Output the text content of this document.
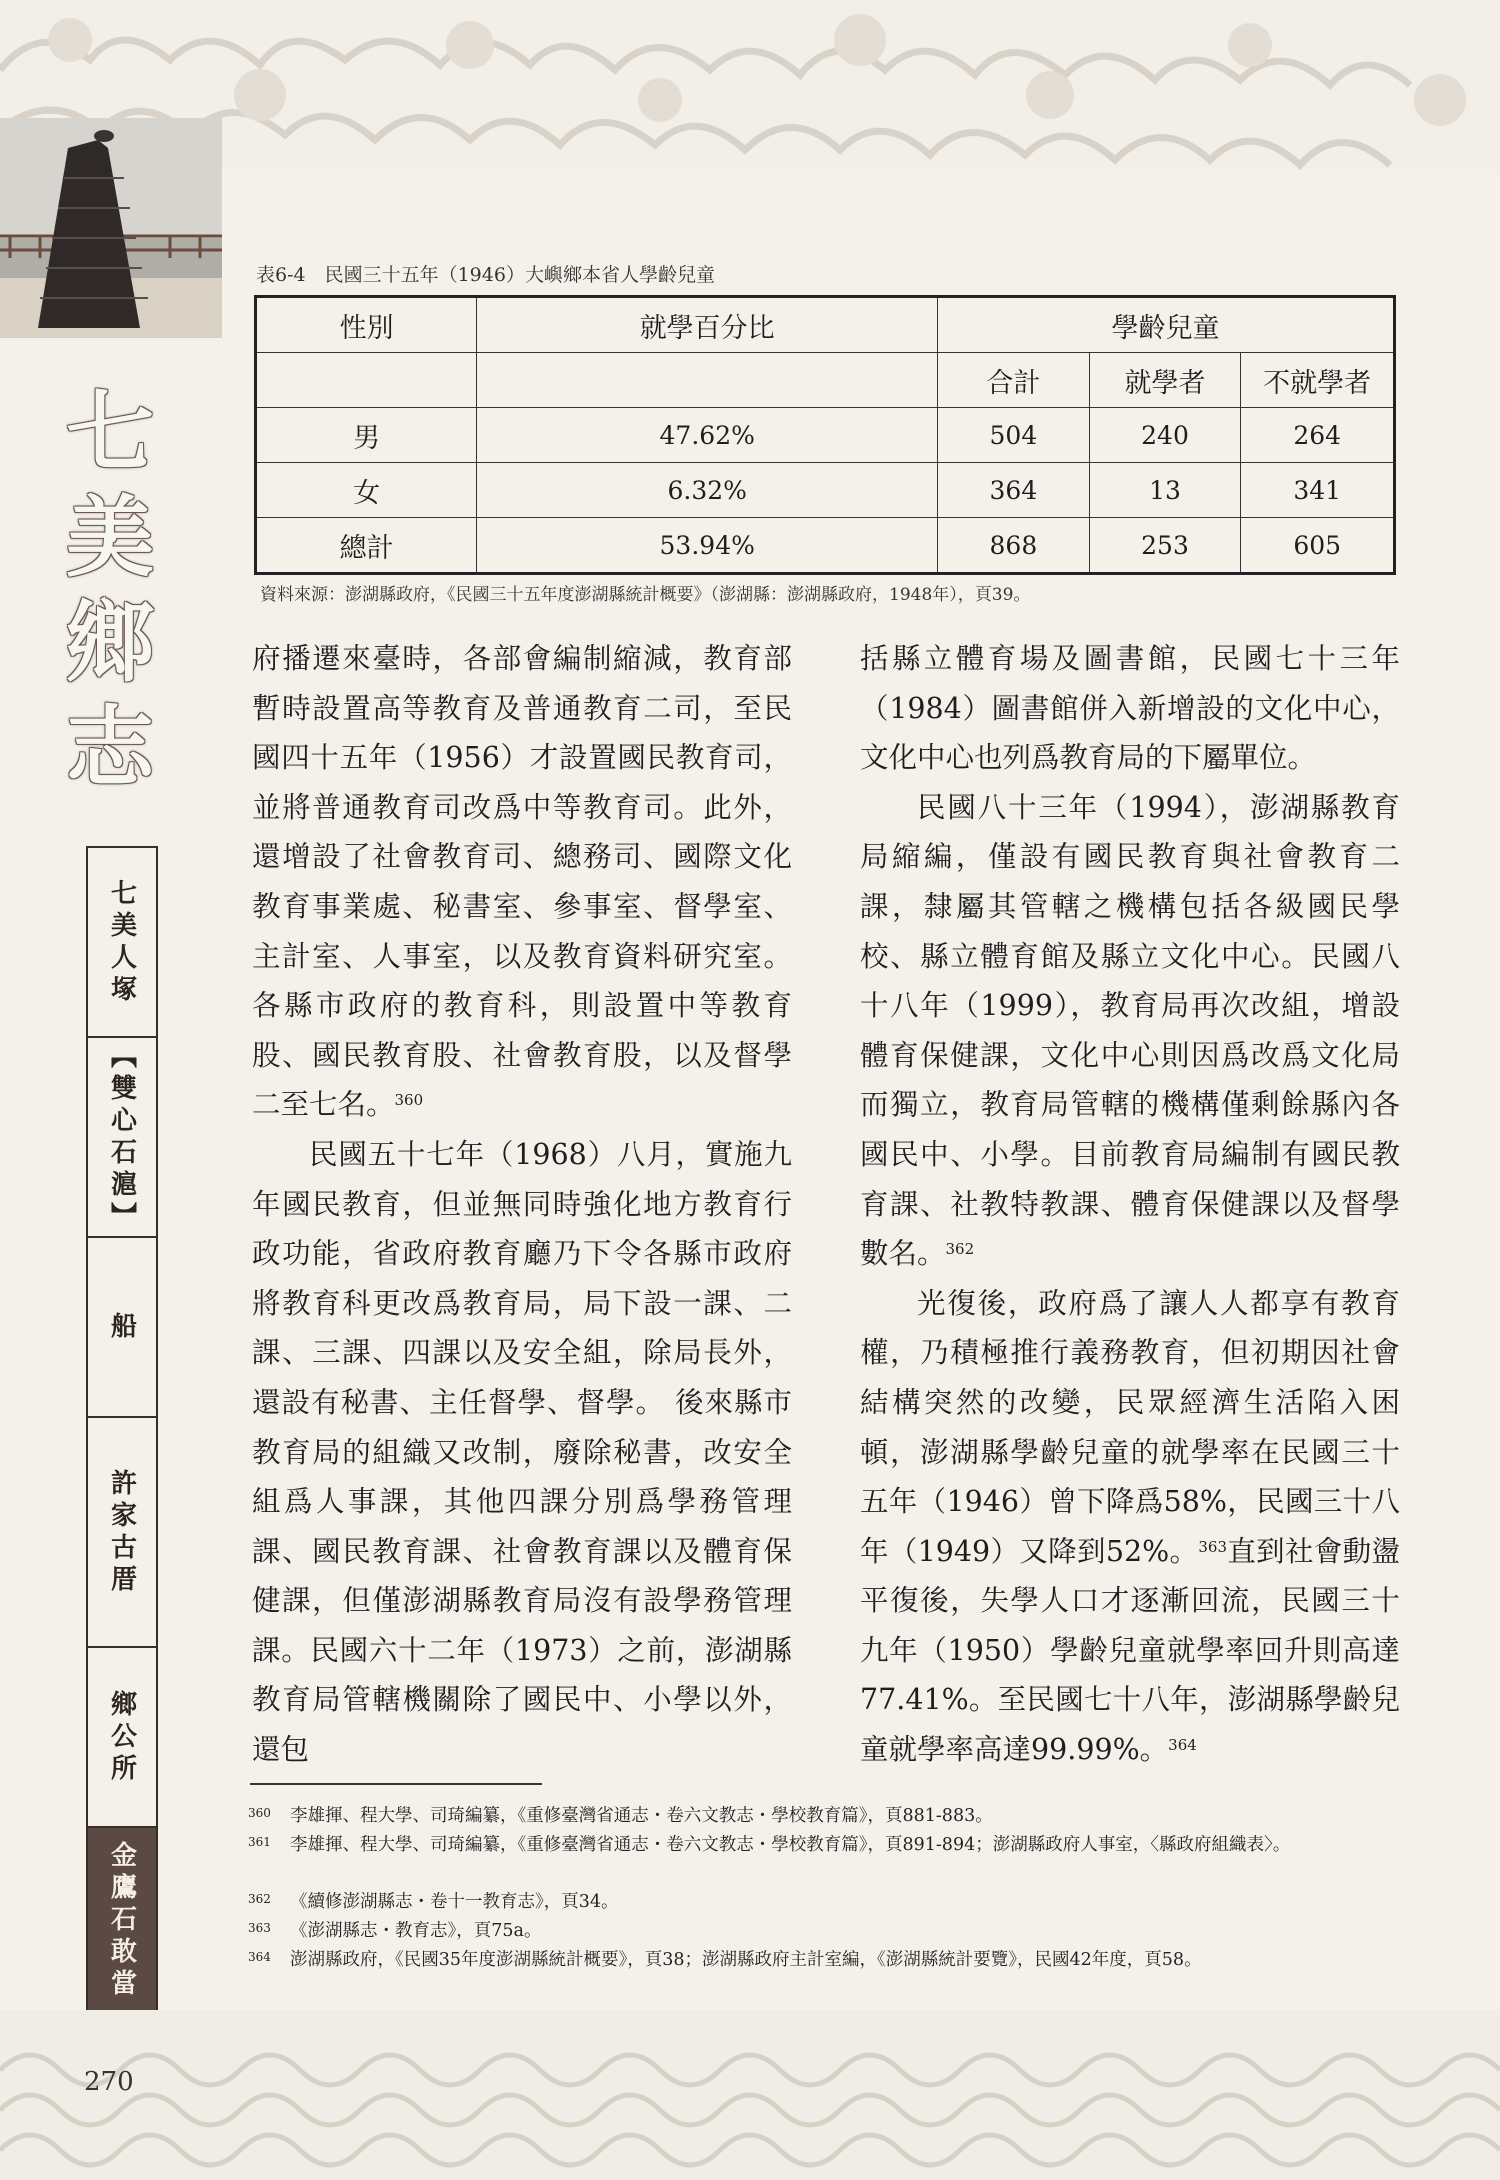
七
美
鄉
志
七美人塚
【雙心石滬】
船
許家古厝
鄉公所
金鷹石敢當
表6-4　民國三十五年（1946）大嶼鄉本省人學齡兒童
性別	就學百分比	學齡兒童		
		合計	就學者	不就學者
男	47.62%	504	240	264
女	6.32%	364	13	341
總計	53.94%	868	253	605
資料來源：澎湖縣政府，《民國三十五年度澎湖縣統計概要》（澎湖縣：澎湖縣政府，1948年），頁39。

府播遷來臺時，各部會編制縮減，教育部暫時設置高等教育及普通教育二司，至民國四十五年（1956）才設置國民教育司，並將普通教育司改爲中等教育司。此外，還增設了社會教育司、總務司、國際文化教育事業處、秘書室、參事室、督學室、主計室、人事室，以及教育資料研究室。各縣市政府的教育科，則設置中等教育股、國民教育股、社會教育股，以及督學二至七名。$^{360}$

民國五十七年（1968）八月，實施九年國民教育，但並無同時強化地方教育行政功能，省政府教育廳乃下令各縣市政府將教育科更改爲教育局，局下設一課、二課、三課、四課以及安全組，除局長外，還設有秘書、主任督學、督學。 後來縣市教育局的組織又改制，廢除秘書，改安全組爲人事課，其他四課分別爲學務管理課、國民教育課、社會教育課以及體育保健課，但僅澎湖縣教育局沒有設學務管理課。民國六十二年（1973）之前，澎湖縣教育局管轄機關除了國民中、小學以外，還包

括縣立體育場及圖書館，民國七十三年（1984）圖書館併入新增設的文化中心，文化中心也列爲教育局的下屬單位。

民國八十三年（1994），澎湖縣教育局縮編，僅設有國民教育與社會教育二課，隸屬其管轄之機構包括各級國民學校、縣立體育館及縣立文化中心。民國八十八年（1999），教育局再次改組，增設體育保健課，文化中心則因爲改爲文化局而獨立，教育局管轄的機構僅剩餘縣內各國民中、小學。目前教育局編制有國民教育課、社教特教課、體育保健課以及督學數名。$^{362}$

光復後，政府爲了讓人人都享有教育權，乃積極推行義務教育，但初期因社會結構突然的改變，民眾經濟生活陷入困頓，澎湖縣學齡兒童的就學率在民國三十五年（1946）曾下降爲58%，民國三十八年（1949）又降到52%。$^{363}$直到社會動盪平復後，失學人口才逐漸回流，民國三十九年（1950）學齡兒童就學率回升則高達77.41%。至民國七十八年，澎湖縣學齡兒童就學率高達99.99%。$^{364}$

360 李雄揮、程大學、司琦編纂，《重修臺灣省通志・卷六文教志・學校教育篇》，頁881-883。
361 李雄揮、程大學、司琦編纂，《重修臺灣省通志・卷六文教志・學校教育篇》，頁891-894；澎湖縣政府人事室，〈縣政府組織表〉。
362 《續修澎湖縣志・卷十一教育志》，頁34。
363 《澎湖縣志・教育志》，頁75a。
364 澎湖縣政府，《民國35年度澎湖縣統計概要》，頁38；澎湖縣政府主計室編，《澎湖縣統計要覽》，民國42年度，頁58。
270
